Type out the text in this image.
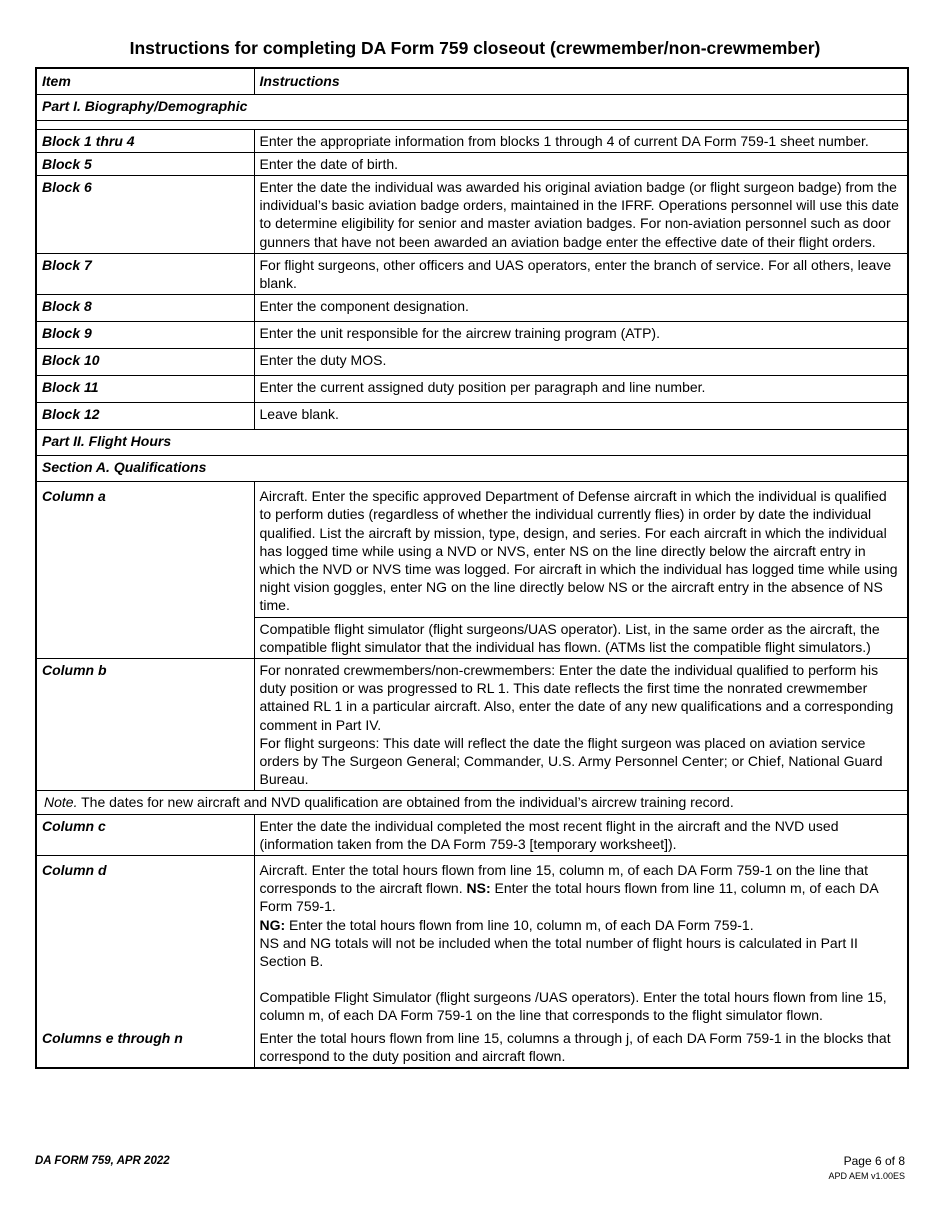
Instructions for completing DA Form 759 closeout (crewmember/non-crewmember)
Item	Instructions
Part I. Biography/Demographic	

Block 1 thru 4	Enter the appropriate information from blocks 1 through 4 of current DA Form 759-1 sheet number.
Block 5	Enter the date of birth.
Block 6	Enter the date the individual was awarded his original aviation badge (or flight surgeon badge) from the individual’s basic aviation badge orders, maintained in the IFRF. Operations personnel will use this date to determine eligibility for senior and master aviation badges. For non-aviation personnel such as door gunners that have not been awarded an aviation badge enter the effective date of their flight orders.
Block 7	For flight surgeons, other officers and UAS operators, enter the branch of service. For all others, leave blank.
Block 8	Enter the component designation.
Block 9	Enter the unit responsible for the aircrew training program (ATP).
Block 10	Enter the duty MOS.
Block 11	Enter the current assigned duty position per paragraph and line number.
Block 12	Leave blank.
Part II. Flight Hours	
Section A. Qualifications	
Column a	Aircraft. Enter the specific approved Department of Defense aircraft in which the individual is qualified to perform duties (regardless of whether the individual currently flies) in order by date the individual qualified. List the aircraft by mission, type, design, and series. For each aircraft in which the individual has logged time while using a NVD or NVS, enter NS on the line directly below the aircraft entry in which the NVD or NVS time was logged. For aircraft in which the individual has logged time while using night vision goggles, enter NG on the line directly below NS or the aircraft entry in the absence of NS time.
	Compatible flight simulator (flight surgeons/UAS operator). List, in the same order as the aircraft, the compatible flight simulator that the individual has flown. (ATMs list the compatible flight simulators.)
Column b	For nonrated crewmembers/non-crewmembers: Enter the date the individual qualified to perform his duty position or was progressed to RL 1. This date reflects the first time the nonrated crewmember attained RL 1 in a particular aircraft. Also, enter the date of any new qualifications and a corresponding comment in Part IV.
For flight surgeons: This date will reflect the date the flight surgeon was placed on aviation service orders by The Surgeon General; Commander, U.S. Army Personnel Center; or Chief, National Guard Bureau.

Note. The dates for new aircraft and NVD qualification are obtained from the individual’s aircrew training record.	
Column c	Enter the date the individual completed the most recent flight in the aircraft and the NVD used (information taken from the DA Form 759-3 [temporary worksheet]).
Column d	Aircraft. Enter the total hours flown from line 15, column m, of each DA Form 759-1 on the line that corresponds to the aircraft flown. NS: Enter the total hours flown from line 11, column m, of each DA Form 759-1.
NG: Enter the total hours flown from line 10, column m, of each DA Form 759-1.
NS and NG totals will not be included when the total number of flight hours is calculated in Part II Section B.
Compatible Flight Simulator (flight surgeons /UAS operators). Enter the total hours flown from line 15, column m, of each DA Form 759-1 on the line that corresponds to the flight simulator flown.

Columns e through n	Enter the total hours flown from line 15, columns a through j, of each DA Form 759-1 in the blocks that correspond to the duty position and aircraft flown.
DA FORM 759, APR 2022	Page 6 of 8
APD AEM v1.00ES
